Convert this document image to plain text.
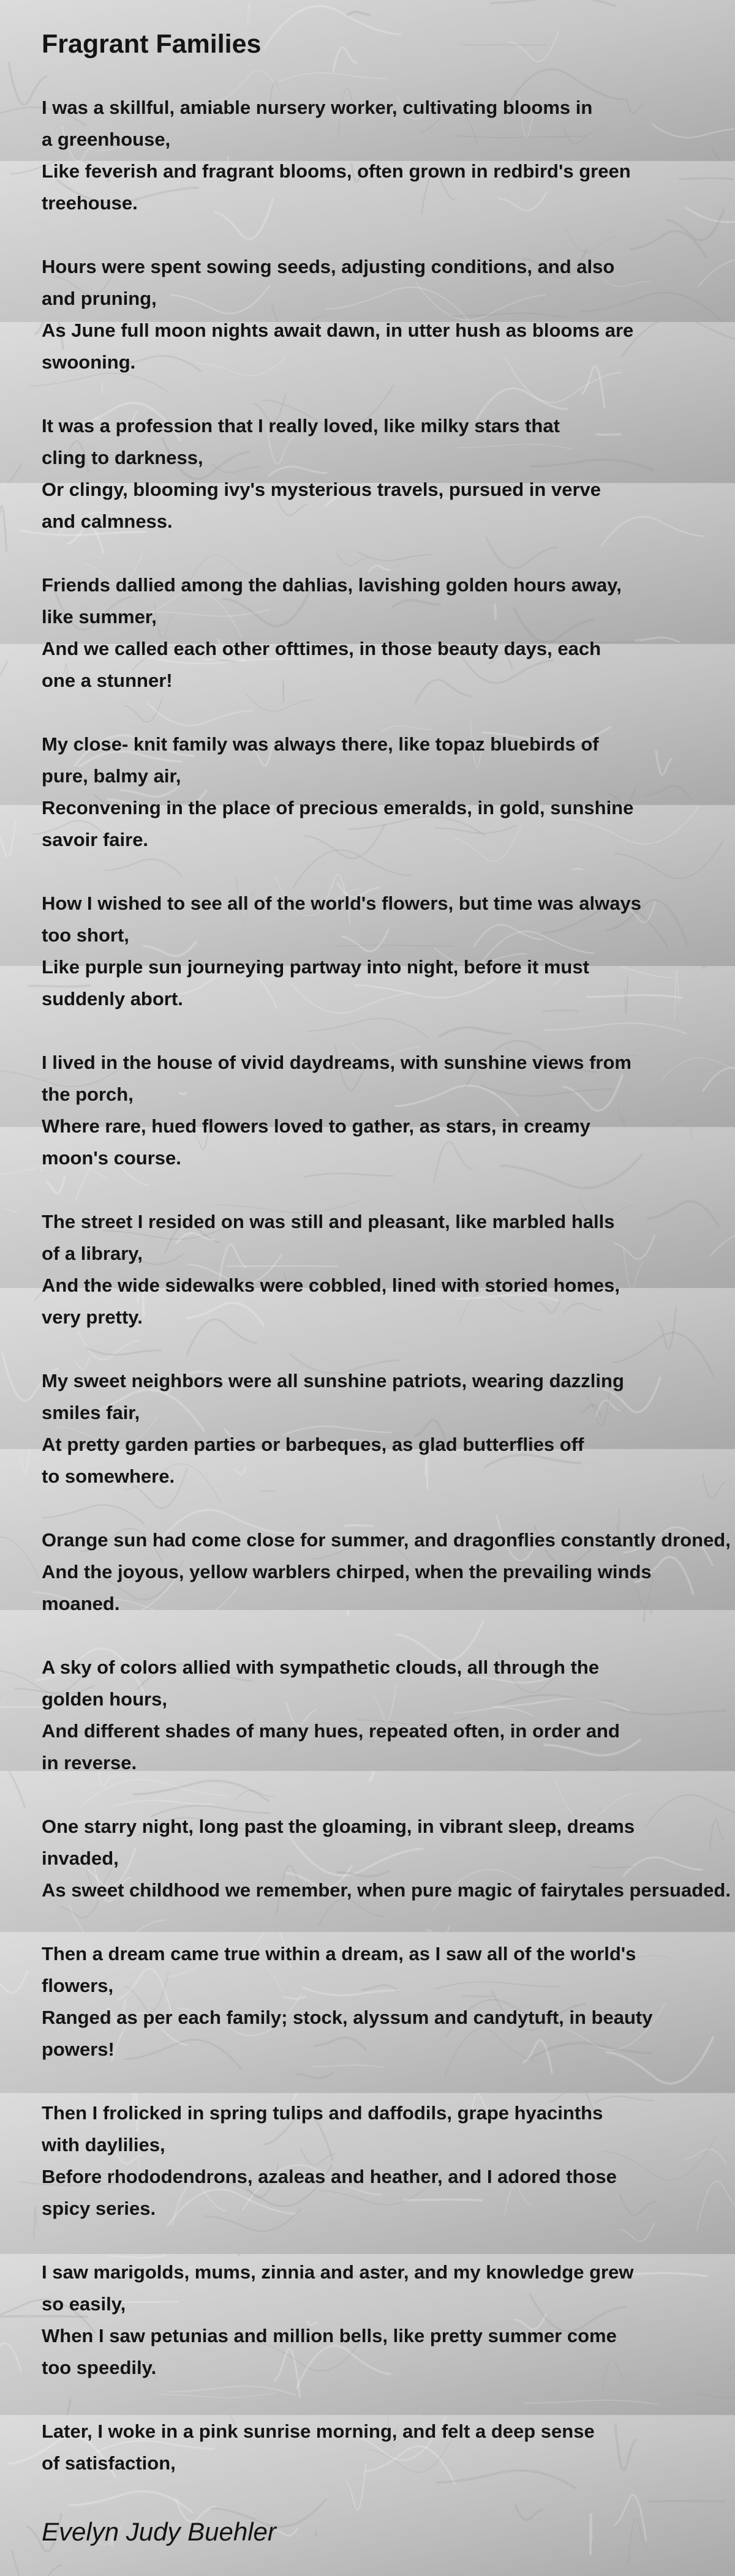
Fragrant Families
I was a skillful, amiable nursery worker, cultivating blooms in
a greenhouse,
Like feverish and fragrant blooms, often grown in redbird's green
treehouse.
Hours were spent sowing seeds, adjusting conditions, and also
and pruning,
As June full moon nights await dawn, in utter hush as blooms are
swooning.
It was a profession that I really loved, like milky stars that
cling to darkness,
Or clingy, blooming ivy's mysterious travels, pursued in verve
and calmness.
Friends dallied among the dahlias, lavishing golden hours away,
like summer,
And we called each other ofttimes, in those beauty days, each
one a stunner!
My close- knit family was always there, like topaz bluebirds of
pure, balmy air,
Reconvening in the place of precious emeralds, in gold, sunshine
savoir faire.
How I wished to see all of the world's flowers, but time was always
too short,
Like purple sun journeying partway into night, before it must
suddenly abort.
I lived in the house of vivid daydreams, with sunshine views from
the porch,
Where rare, hued flowers loved to gather, as stars, in creamy
moon's course.
The street I resided on was still and pleasant, like marbled halls
of a library,
And the wide sidewalks were cobbled, lined with storied homes,
very pretty.
My sweet neighbors were all sunshine patriots, wearing dazzling
smiles fair,
At pretty garden parties or barbeques, as glad butterflies off
to somewhere.
Orange sun had come close for summer, and dragonflies constantly droned,
And the joyous, yellow warblers chirped, when the prevailing winds
moaned.
A sky of colors allied with sympathetic clouds, all through the
golden hours,
And different shades of many hues, repeated often, in order and
in reverse.
One starry night, long past the gloaming, in vibrant sleep, dreams
invaded,
As sweet childhood we remember, when pure magic of fairytales persuaded.
Then a dream came true within a dream, as I saw all of the world's
flowers,
Ranged as per each family; stock, alyssum and candytuft, in beauty
powers!
Then I frolicked in spring tulips and daffodils, grape hyacinths
with daylilies,
Before rhododendrons, azaleas and heather, and I adored those
spicy series.
I saw marigolds, mums, zinnia and aster, and my knowledge grew
so easily,
When I saw petunias and million bells, like pretty summer come
too speedily.
Later, I woke in a pink sunrise morning, and felt a deep sense
of satisfaction,
Evelyn Judy Buehler
